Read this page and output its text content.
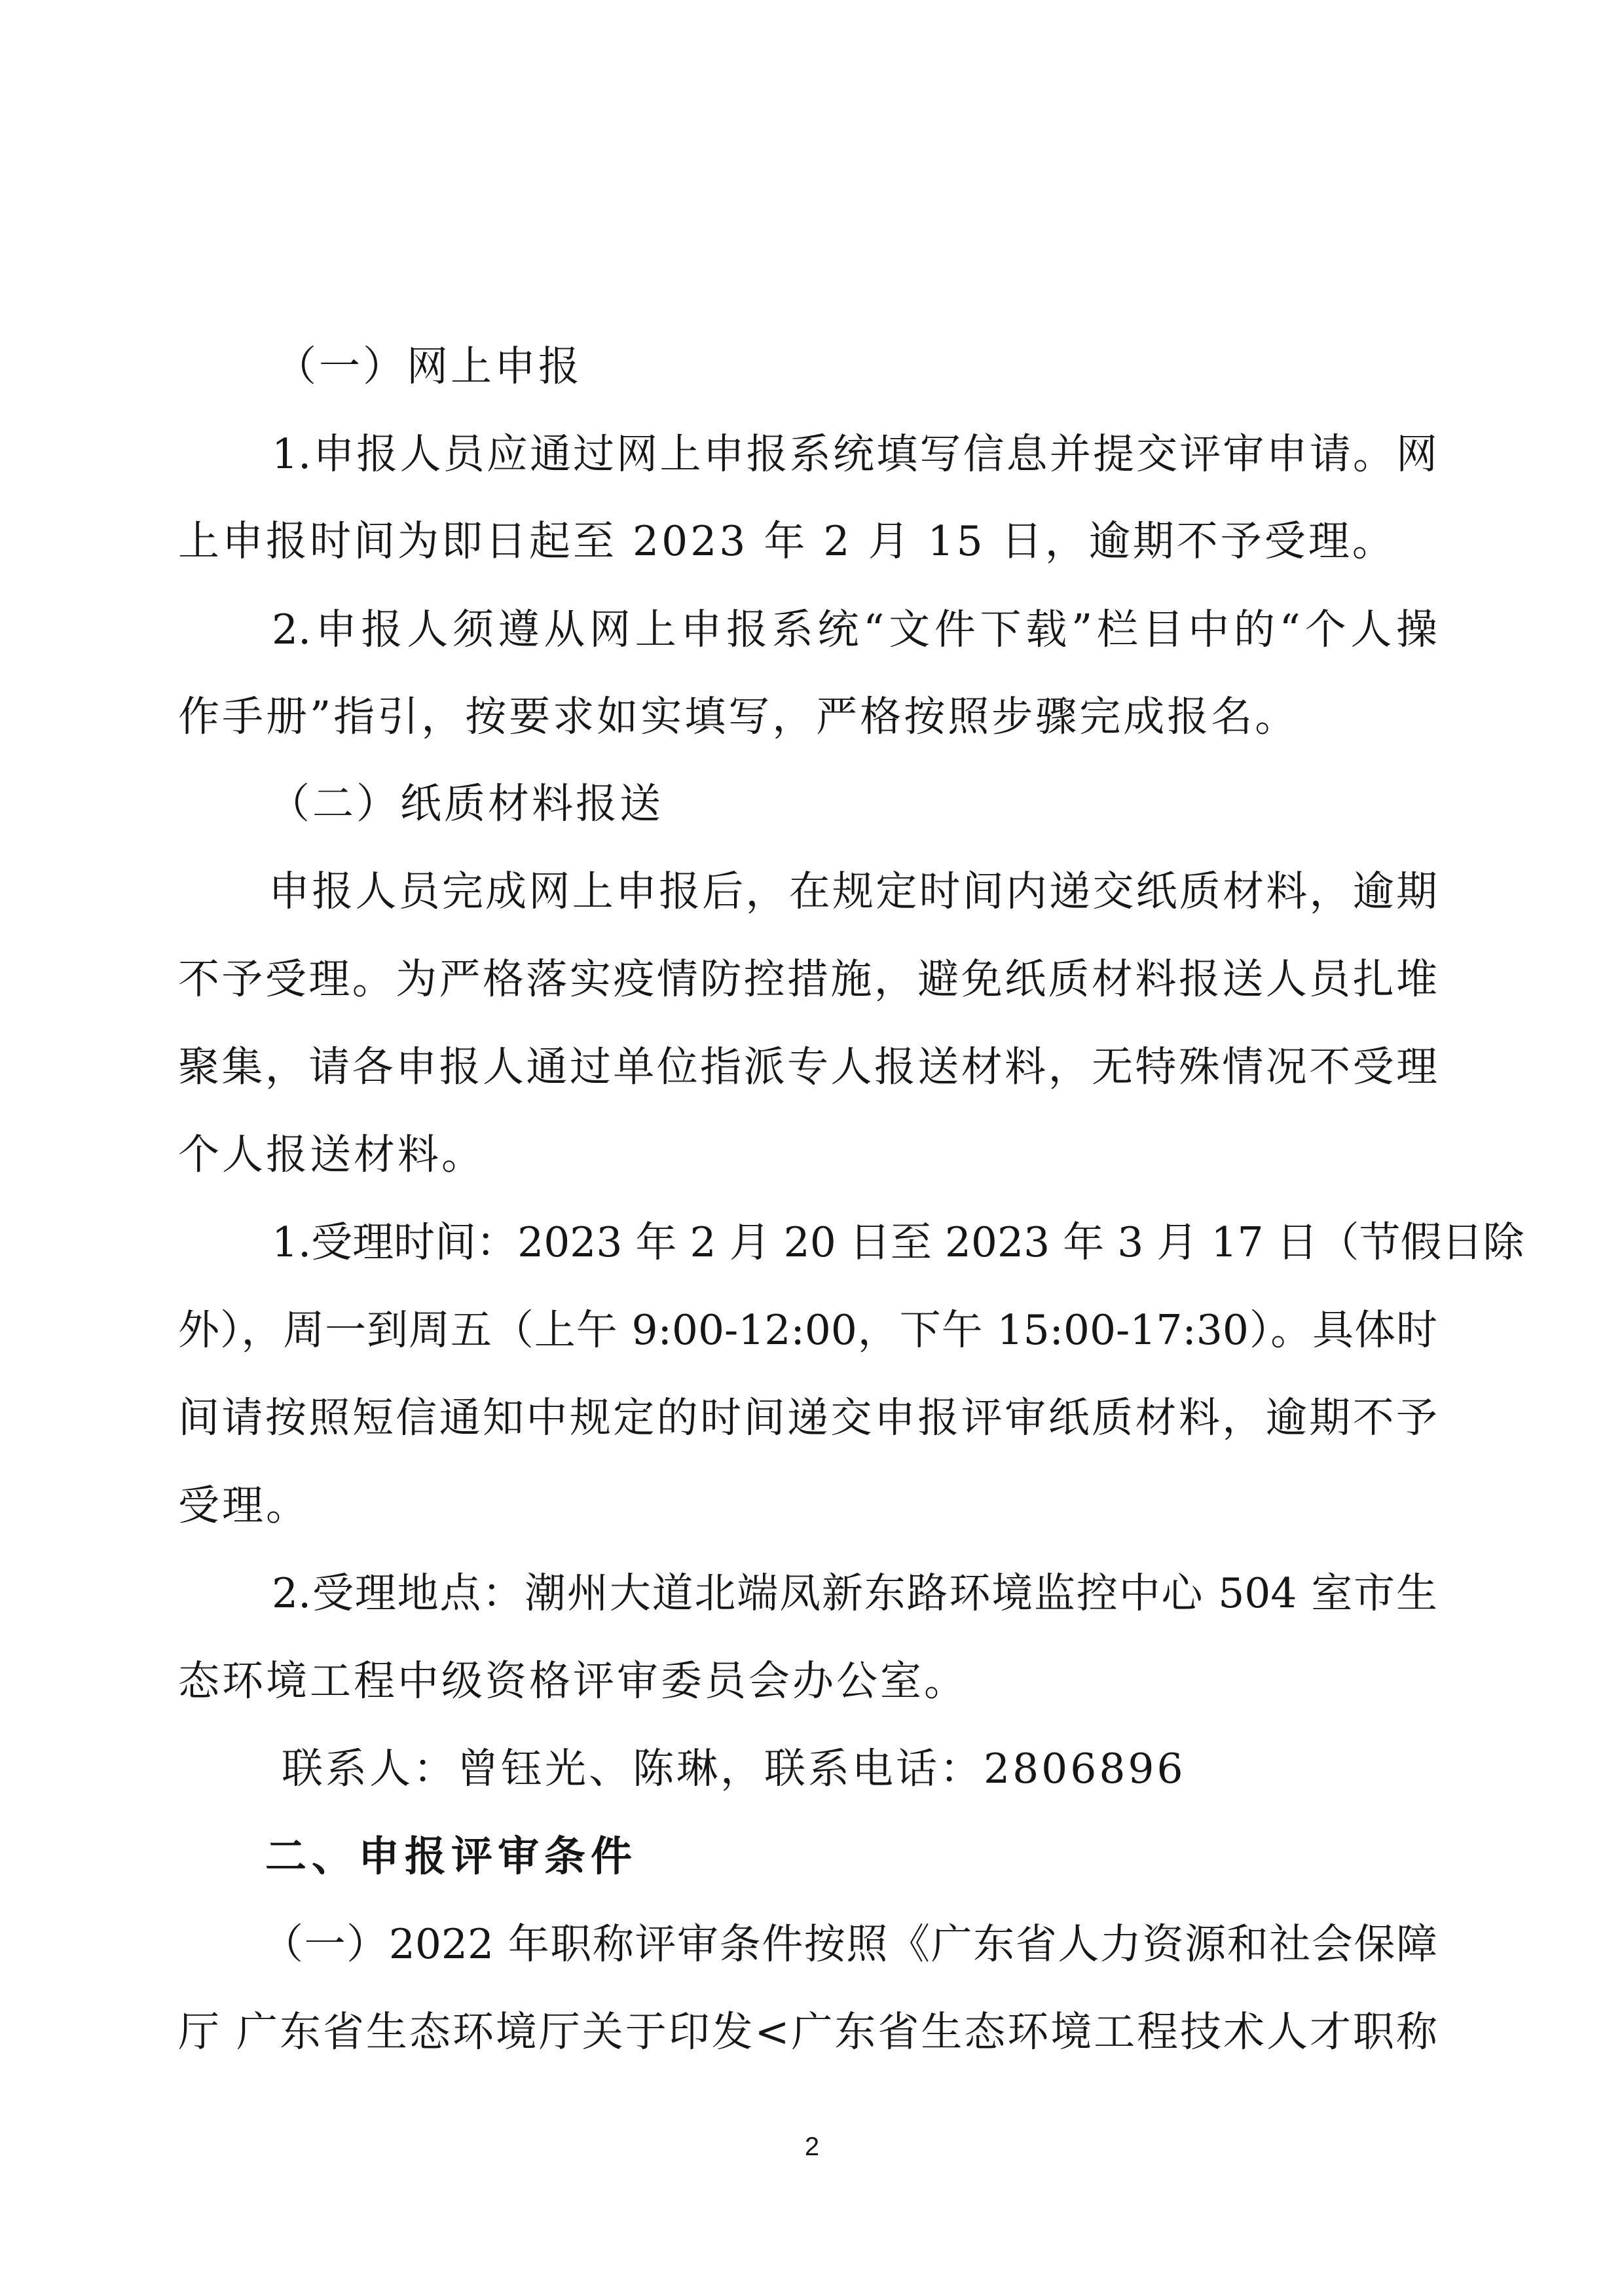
（一）网上申报
1.申报人员应通过网上申报系统填写信息并提交评审申请。网
上申报时间为即日起至 2023 年 2 月 15 日，逾期不予受理。
2.申报人须遵从网上申报系统“文件下载”栏目中的“个人操
作手册”指引，按要求如实填写，严格按照步骤完成报名。
（二）纸质材料报送
申报人员完成网上申报后，在规定时间内递交纸质材料，逾期
不予受理。为严格落实疫情防控措施，避免纸质材料报送人员扎堆
聚集，请各申报人通过单位指派专人报送材料，无特殊情况不受理
个人报送材料。
1.受理时间：2023 年 2 月 20 日至 2023 年 3 月 17 日（节假日除
外），周一到周五（上午 9:00-12:00，下午 15:00-17:30）。具体时
间请按照短信通知中规定的时间递交申报评审纸质材料，逾期不予
受理。
2.受理地点：潮州大道北端凤新东路环境监控中心 504 室市生
态环境工程中级资格评审委员会办公室。
联系人：曾钰光、陈琳，联系电话：2806896
二、申报评审条件
（一）2022 年职称评审条件按照《广东省人力资源和社会保障
厅 广东省生态环境厅关于印发<广东省生态环境工程技术人才职称
2
